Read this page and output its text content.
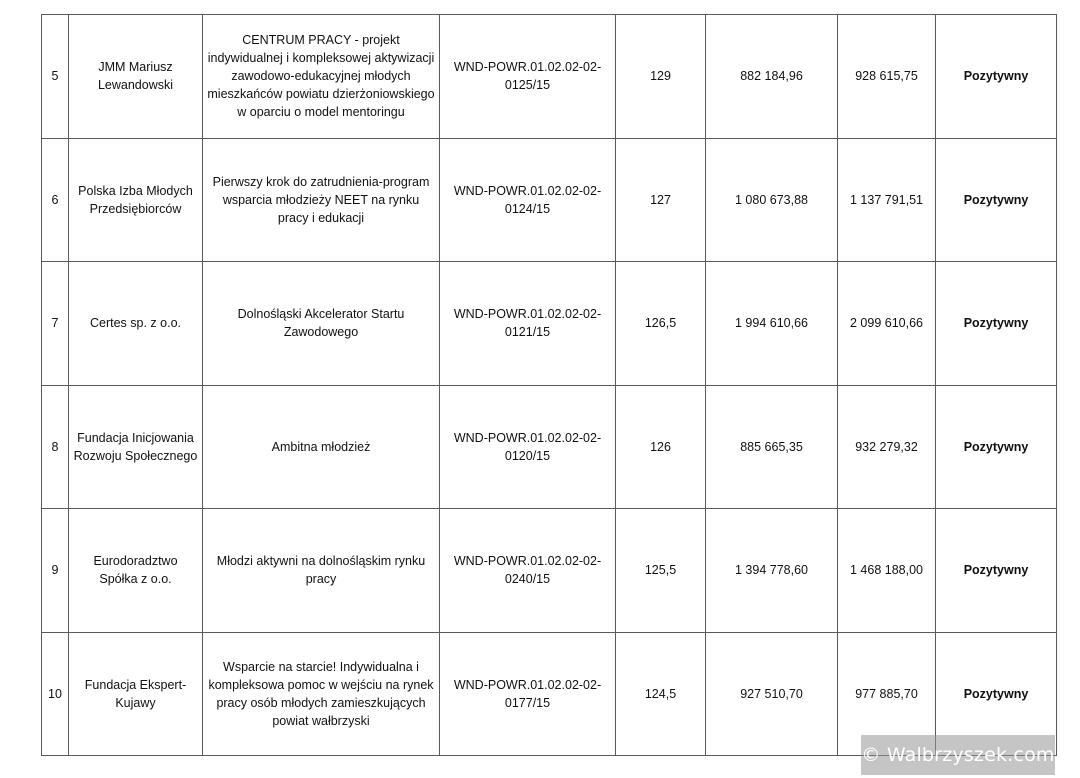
5	JMM Mariusz Lewandowski	CENTRUM PRACY - projekt indywidualnej i kompleksowej aktywizacji zawodowo-edukacyjnej młodych mieszkańców powiatu dzierżoniowskiego w oparciu o model mentoringu	WND-POWR.01.02.02-02-0125/15	129	882 184,96	928 615,75	Pozytywny
6	Polska Izba Młodych Przedsiębiorców	Pierwszy krok do zatrudnienia-program wsparcia młodzieży NEET na rynku pracy i edukacji	WND-POWR.01.02.02-02-0124/15	127	1 080 673,88	1 137 791,51	Pozytywny
7	Certes sp. z o.o.	Dolnośląski Akcelerator Startu Zawodowego	WND-POWR.01.02.02-02-0121/15	126,5	1 994 610,66	2 099 610,66	Pozytywny
8	Fundacja Inicjowania Rozwoju Społecznego	Ambitna młodzież	WND-POWR.01.02.02-02-0120/15	126	885 665,35	932 279,32	Pozytywny
9	Eurodoradztwo Spółka z o.o.	Młodzi aktywni na dolnośląskim rynku pracy	WND-POWR.01.02.02-02-0240/15	125,5	1 394 778,60	1 468 188,00	Pozytywny
10	Fundacja Ekspert-Kujawy	Wsparcie na starcie! Indywidualna i kompleksowa pomoc w wejściu na rynek pracy osób młodych zamieszkujących powiat wałbrzyski	WND-POWR.01.02.02-02-0177/15	124,5	927 510,70	977 885,70	Pozytywny
© Walbrzyszek.com
